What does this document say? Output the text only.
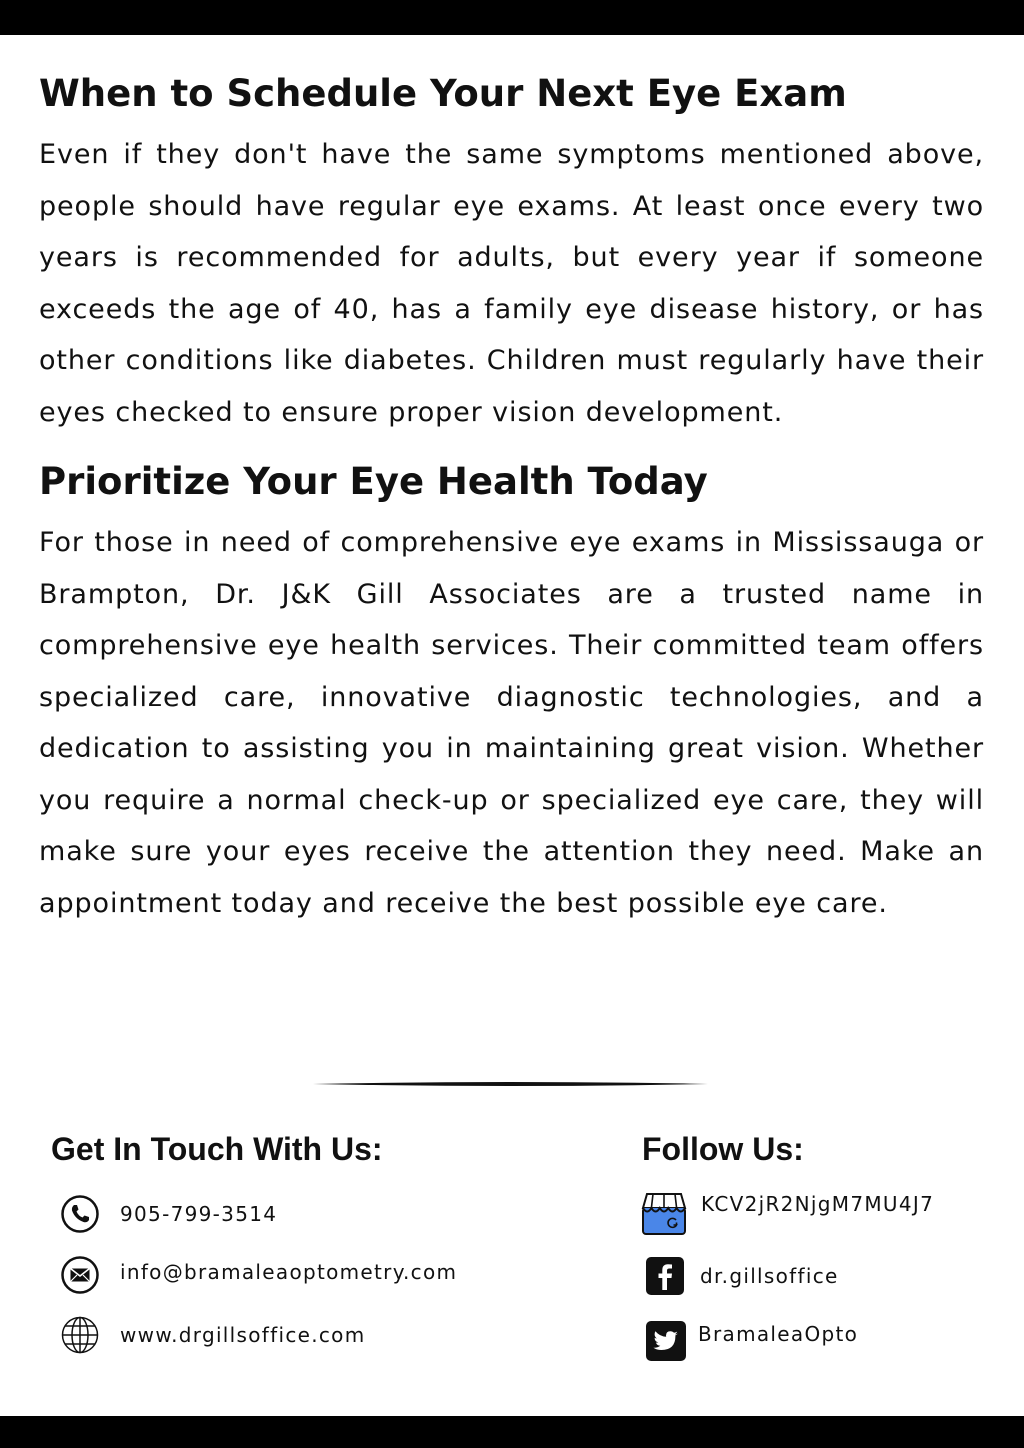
When to Schedule Your Next Eye Exam

Even if they don't have the same symptoms mentioned above, people should have regular eye exams. At least once every two years is recommended for adults, but every year if someone exceeds the age of 40, has a family eye disease history, or has other conditions like diabetes. Children must regularly have their eyes checked to ensure proper vision development.

Prioritize Your Eye Health Today

For those in need of comprehensive eye exams in Mississauga or Brampton, Dr. J&K Gill Associates are a trusted name in comprehensive eye health services. Their committed team offers specialized care, innovative diagnostic technologies, and a dedication to assisting you in maintaining great vision. Whether you require a normal check-up or specialized eye care, they will make sure your eyes receive the attention they need. Make an appointment today and receive the best possible eye care.

Get In Touch With Us:
905-799-3514
info@bramaleaoptometry.com
www.drgillsoffice.com
Follow Us:
KCV2jR2NjgM7MU4J7
dr.gillsoffice
BramaleaOpto
